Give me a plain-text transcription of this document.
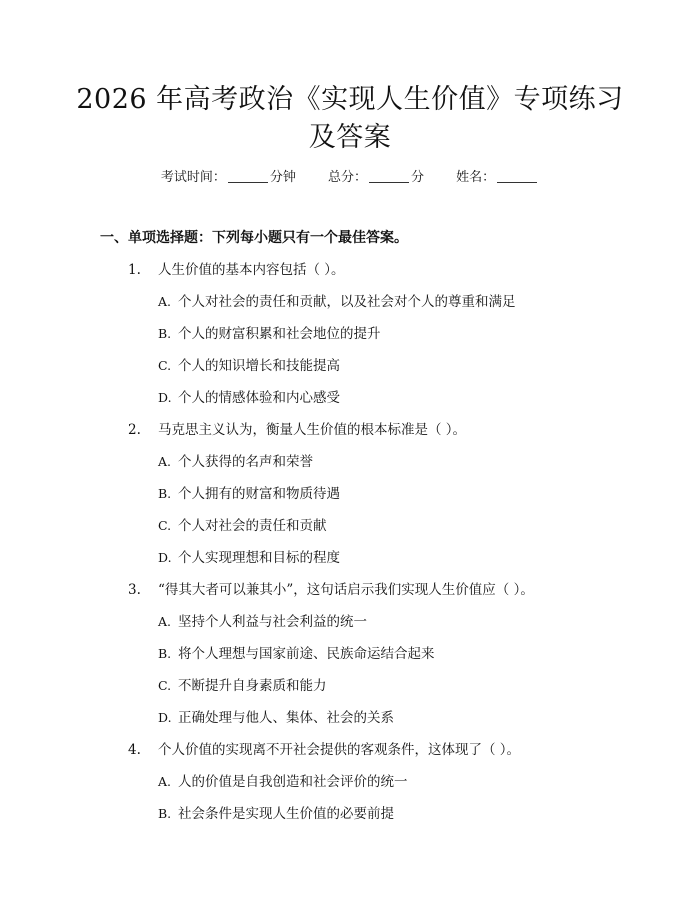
2026 年高考政治《实现人生价值》专项练习
及答案
考试时间：	分钟 总分：	分 姓名：
一、单项选择题：下列每小题只有一个最佳答案。
1. 人生价值的基本内容包括（ ）。
A. 个人对社会的责任和贡献，以及社会对个人的尊重和满足
B. 个人的财富积累和社会地位的提升
C. 个人的知识增长和技能提高
D. 个人的情感体验和内心感受
2. 马克思主义认为，衡量人生价值的根本标准是（ ）。
A. 个人获得的名声和荣誉
B. 个人拥有的财富和物质待遇
C. 个人对社会的责任和贡献
D. 个人实现理想和目标的程度
3. “得其大者可以兼其小”，这句话启示我们实现人生价值应（ ）。
A. 坚持个人利益与社会利益的统一
B. 将个人理想与国家前途、民族命运结合起来
C. 不断提升自身素质和能力
D. 正确处理与他人、集体、社会的关系
4. 个人价值的实现离不开社会提供的客观条件，这体现了（ ）。
A. 人的价值是自我创造和社会评价的统一
B. 社会条件是实现人生价值的必要前提
